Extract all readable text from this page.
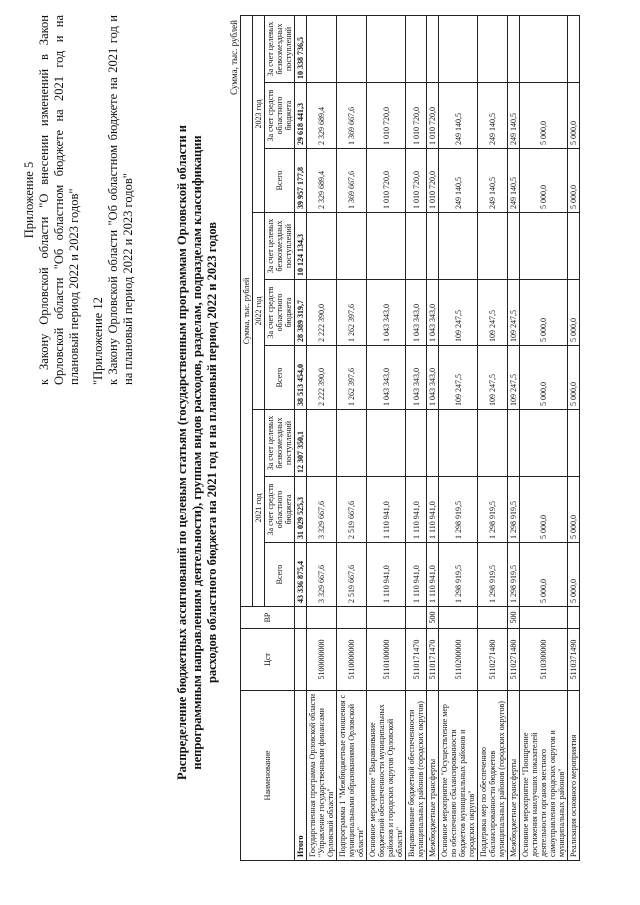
Приложение 5 к Закону Орловской области "О внесении изменений в Закон Орловской области "Об областном бюджете на 2021 год и на плановый период 2022 и 2023 годов" "Приложение 12 к Закону Орловской области "Об областном бюджете на 2021 год и на плановый период 2022 и 2023 годов"	Распределение бюджетных ассигнований по целевым статьям (государственным программам Орловской области и непрограммным направлениям деятельности), группам видов расходов, разделам, подразделам классификации расходов областного бюджета на 2021 год и на плановый период 2022 и 2023 годов
Сумма, тыс. рублей
Наименование	Цст	ВР	Сумма, тыс. рублей								
			2021 год			2022 год			2023 год		
			Всего	За счет средств областного бюджета	За счет целевых безвозмездных поступлений	Всего	За счет средств областного бюджета	За счет целевых безвозмездных поступлений	Всего	За счет средств областного бюджета	За счет целевых безвозмездных поступлений
Итого			43 336 875,4	31 029 525,3	12 307 350,1	38 513 454,0	28 389 319,7	10 124 134,3	39 957 177,8	29 618 441,3	10 338 736,5
Государственная программа Орловской области "Управление государственными финансами Орловской области"	5100000000		3 329 667,6	3 329 667,6		2 222 390,0	2 222 390,0		2 329 689,4	2 329 689,4	
Подпрограмма 1 "Межбюджетные отношения с муниципальными образованиями Орловской области"	5110000000		2 519 667,6	2 519 667,6		1 262 397,6	1 262 397,6		1 369 667,6	1 369 667,6	
Основное мероприятие "Выравнивание бюджетной обеспеченности муниципальных районов и городских округов Орловской области"	5110100000		1 110 941,0	1 110 941,0		1 043 343,0	1 043 343,0		1 010 720,0	1 010 720,0	
Выравнивание бюджетной обеспеченности муниципальных районов (городских округов)	5110171470		1 110 941,0	1 110 941,0		1 043 343,0	1 043 343,0		1 010 720,0	1 010 720,0	
Межбюджетные трансферты	5110171470	500	1 110 941,0	1 110 941,0		1 043 343,0	1 043 343,0		1 010 720,0	1 010 720,0	
Основное мероприятие "Осуществление мер по обеспечению сбалансированности бюджетов муниципальных районов и городских округов"	5110200000		1 298 919,5	1 298 919,5		109 247,5	109 247,5		249 140,5	249 140,5	
Поддержка мер по обеспечению сбалансированности бюджетов муниципальных районов (городских округов)	5110271480		1 298 919,5	1 298 919,5		109 247,5	109 247,5		249 140,5	249 140,5	
Межбюджетные трансферты	5110271480	500	1 298 919,5	1 298 919,5		109 247,5	109 247,5		249 140,5	249 140,5	
Основное мероприятие "Поощрение достижения наилучших показателей деятельности органов местного самоуправления городских округов и муниципальных районов"	5110300000		5 000,0	5 000,0		5 000,0	5 000,0		5 000,0	5 000,0	
Реализация основного мероприятия	5110371490		5 000,0	5 000,0		5 000,0	5 000,0		5 000,0	5 000,0	
